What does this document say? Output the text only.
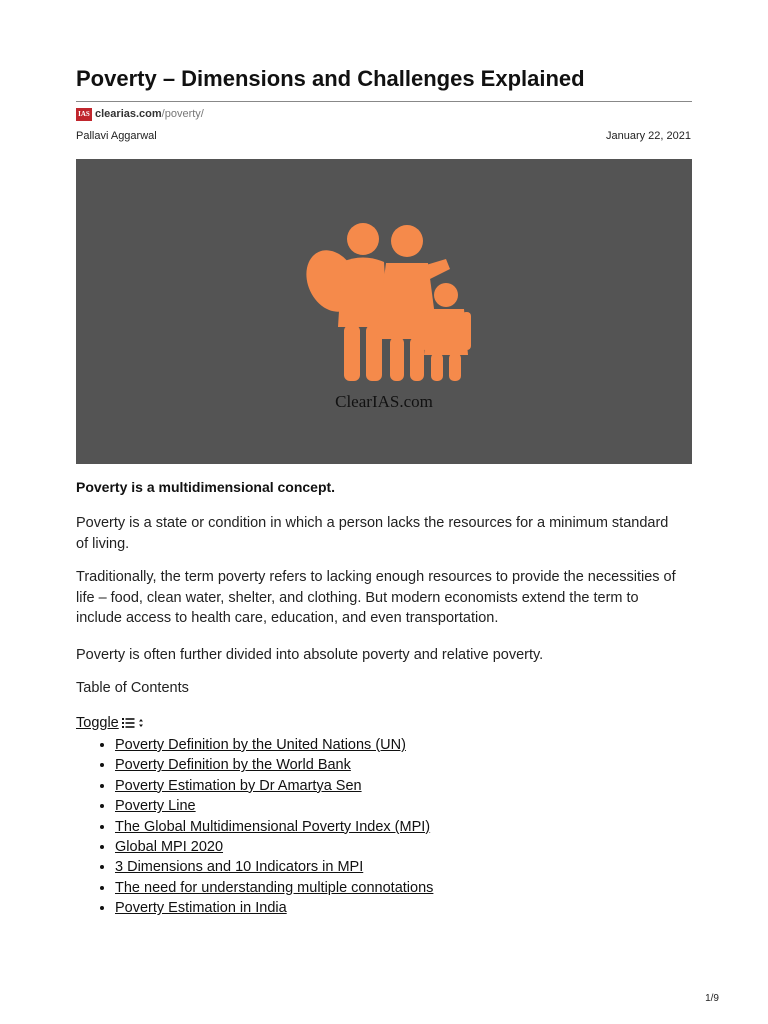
Poverty – Dimensions and Challenges Explained
IAS clearias.com /poverty/
Pallavi Aggarwal	January 22, 2021
ClearIAS.com
Poverty is a multidimensional concept.

Poverty is a state or condition in which a person lacks the resources for a minimum standard of living.

Traditionally, the term poverty refers to lacking enough resources to provide the necessities of life – food, clean water, shelter, and clothing. But modern economists extend the term to include access to health care, education, and even transportation.

Poverty is often further divided into absolute poverty and relative poverty.

Table of Contents
Toggle
• Poverty Definition by the United Nations (UN)
• Poverty Definition by the World Bank
• Poverty Estimation by Dr Amartya Sen
• Poverty Line
• The Global Multidimensional Poverty Index (MPI)
• Global MPI 2020
• 3 Dimensions and 10 Indicators in MPI
• The need for understanding multiple connotations
• Poverty Estimation in India
1/9
